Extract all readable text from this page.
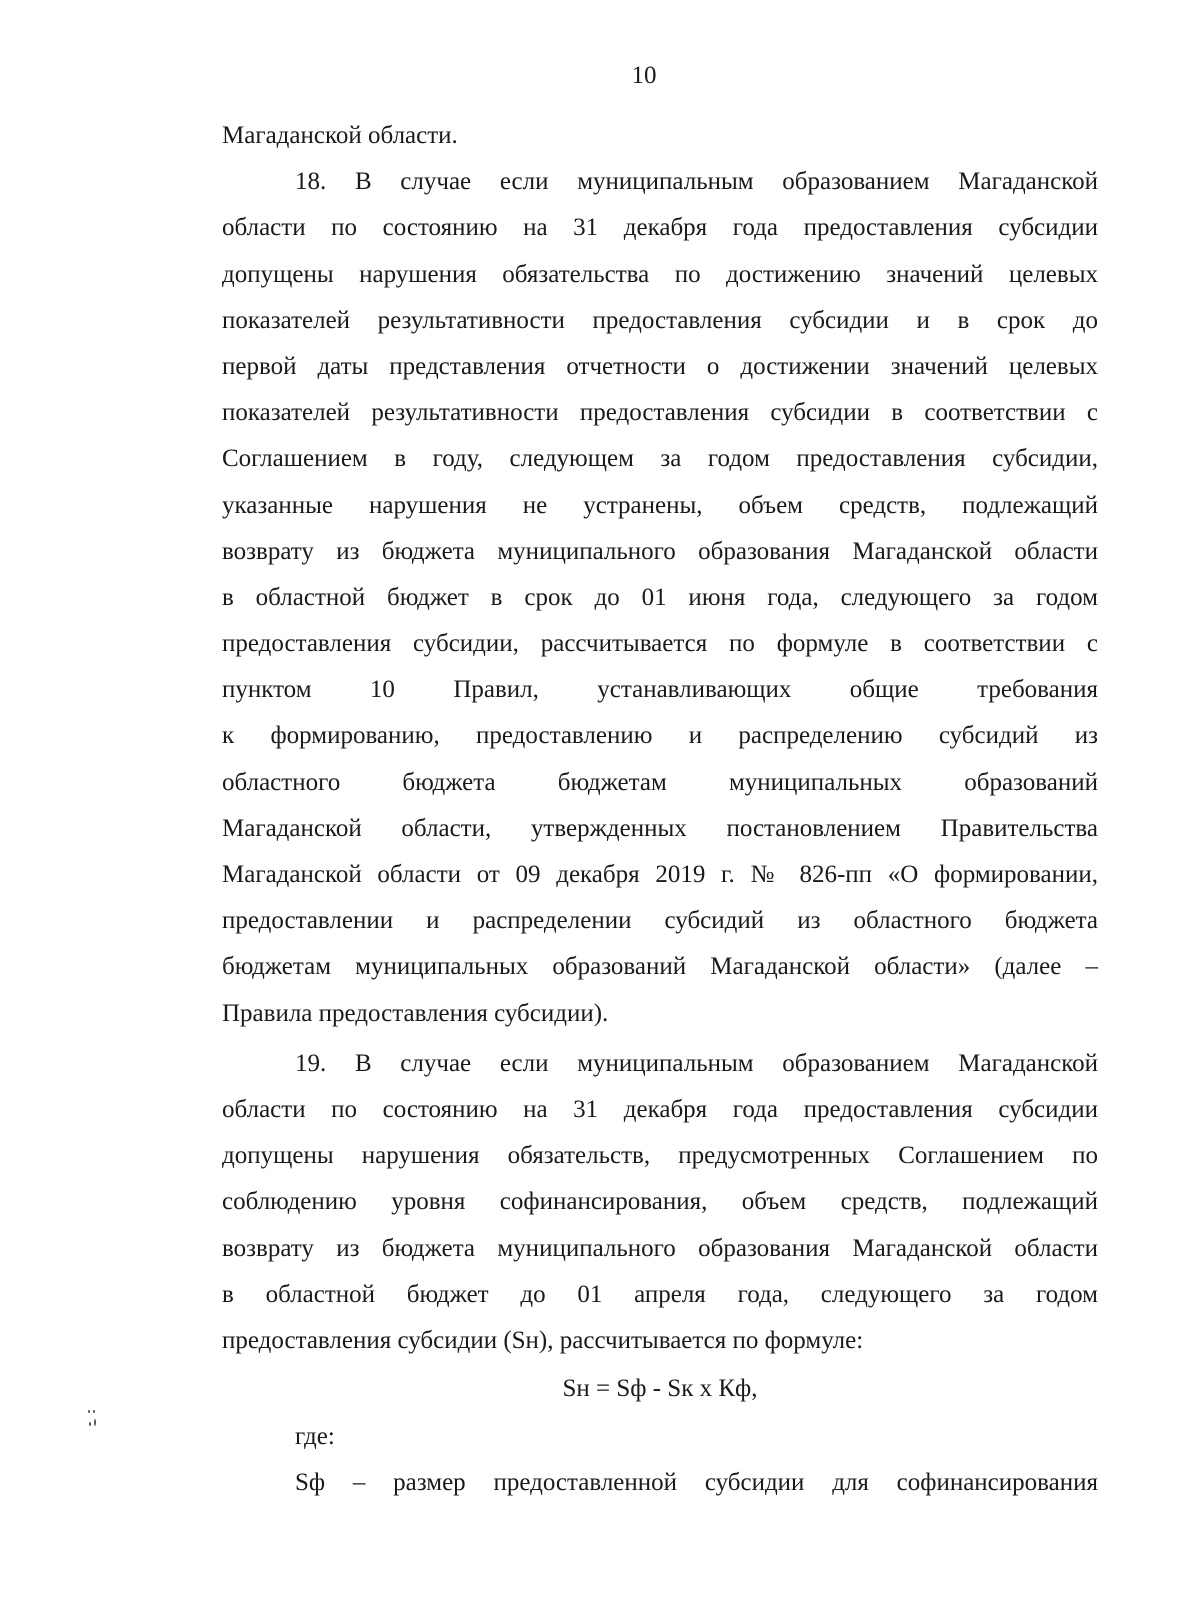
10
Магаданской области.
18. В случае если муниципальным образованием Магаданской
области по состоянию на 31 декабря года предоставления субсидии
допущены нарушения обязательства по достижению значений целевых
показателей результативности предоставления субсидии и в срок до
первой даты представления отчетности о достижении значений целевых
показателей результативности предоставления субсидии в соответствии с
Соглашением в году, следующем за годом предоставления субсидии,
указанные нарушения не устранены, объем средств, подлежащий
возврату из бюджета муниципального образования Магаданской области
в областной бюджет в срок до 01 июня года, следующего за годом
предоставления субсидии, рассчитывается по формуле в соответствии с
пунктом 10 Правил, устанавливающих общие требования
к формированию, предоставлению и распределению субсидий из
областного бюджета бюджетам муниципальных образований
Магаданской области, утвержденных постановлением Правительства
Магаданской области от 09 декабря 2019 г. № 826-пп «О формировании,
предоставлении и распределении субсидий из областного бюджета
бюджетам муниципальных образований Магаданской области» (далее –
Правила предоставления субсидии).
19. В случае если муниципальным образованием Магаданской
области по состоянию на 31 декабря года предоставления субсидии
допущены нарушения обязательств, предусмотренных Соглашением по
соблюдению уровня софинансирования, объем средств, подлежащий
возврату из бюджета муниципального образования Магаданской области
в областной бюджет до 01 апреля года, следующего за годом
предоставления субсидии (Sн), рассчитывается по формуле:
Sн = Sф - Sк x Кф,
где:
Sф – размер предоставленной субсидии для софинансирования
